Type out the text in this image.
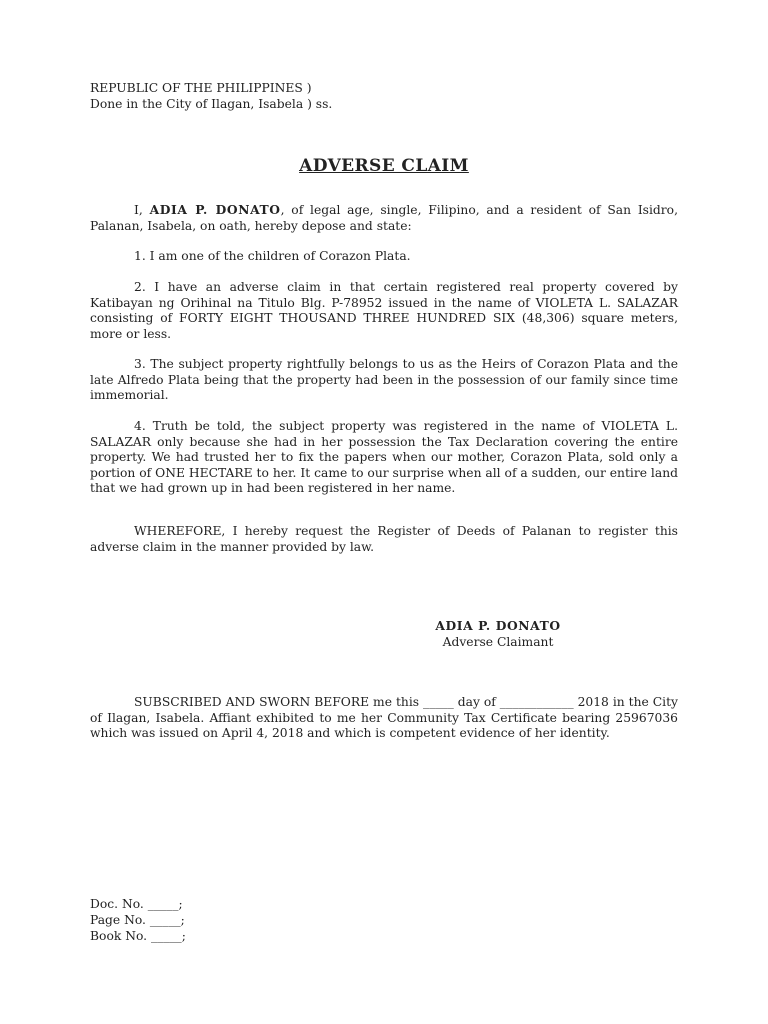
REPUBLIC OF THE PHILIPPINES )
Done in the City of Ilagan, Isabela ) ss.
ADVERSE CLAIM
I, ADIA P. DONATO, of legal age, single, Filipino, and a resident of San Isidro, Palanan, Isabela, on oath, hereby depose and state:
1. I am one of the children of Corazon Plata.
2. I have an adverse claim in that certain registered real property covered by Katibayan ng Orihinal na Titulo Blg. P-78952 issued in the name of VIOLETA L. SALAZAR consisting of FORTY EIGHT THOUSAND THREE HUNDRED SIX (48,306) square meters, more or less.
3. The subject property rightfully belongs to us as the Heirs of Corazon Plata and the late Alfredo Plata being that the property had been in the possession of our family since time immemorial.
4. Truth be told, the subject property was registered in the name of VIOLETA L. SALAZAR only because she had in her possession the Tax Declaration covering the entire property. We had trusted her to fix the papers when our mother, Corazon Plata, sold only a portion of ONE HECTARE to her. It came to our surprise when all of a sudden, our entire land that we had grown up in had been registered in her name.
WHEREFORE, I hereby request the Register of Deeds of Palanan to register this adverse claim in the manner provided by law.
ADIA P. DONATO
Adverse Claimant
SUBSCRIBED AND SWORN BEFORE me this _____ day of ____________ 2018 in the City of Ilagan, Isabela. Affiant exhibited to me her Community Tax Certificate bearing 25967036 which was issued on April 4, 2018 and which is competent evidence of her identity.
Doc. No. _____;
Page No. _____;
Book No. _____;
